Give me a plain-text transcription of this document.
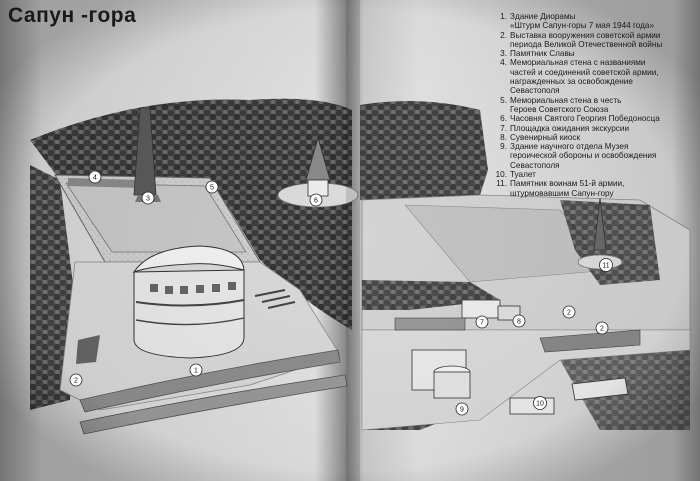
1
2
2
2
3
4
5
6
7	8
9
10
11
Сапун -гора	1. Здание Диорамы
«Штурм Сапун-горы 7 мая 1944 года»
2. Выставка вооружения советской армии
периода Великой Отечественной войны
3. Памятник Славы
4. Мемориальная стена с названиями
частей и соединений советской армии,
награжденных за освобождение
Севастополя
5. Мемориальная стена в честь
Героев Советского Союза
6. Часовня Святого Георгия Победоносца
7. Площадка ожидания экскурсии
8. Сувенирный киоск
9. Здание научного отдела Музея
героической обороны и освобождения
Севастополя
10. Туалет
11. Памятник воинам 51-й армии,
штурмовавшим Сапун-гору
